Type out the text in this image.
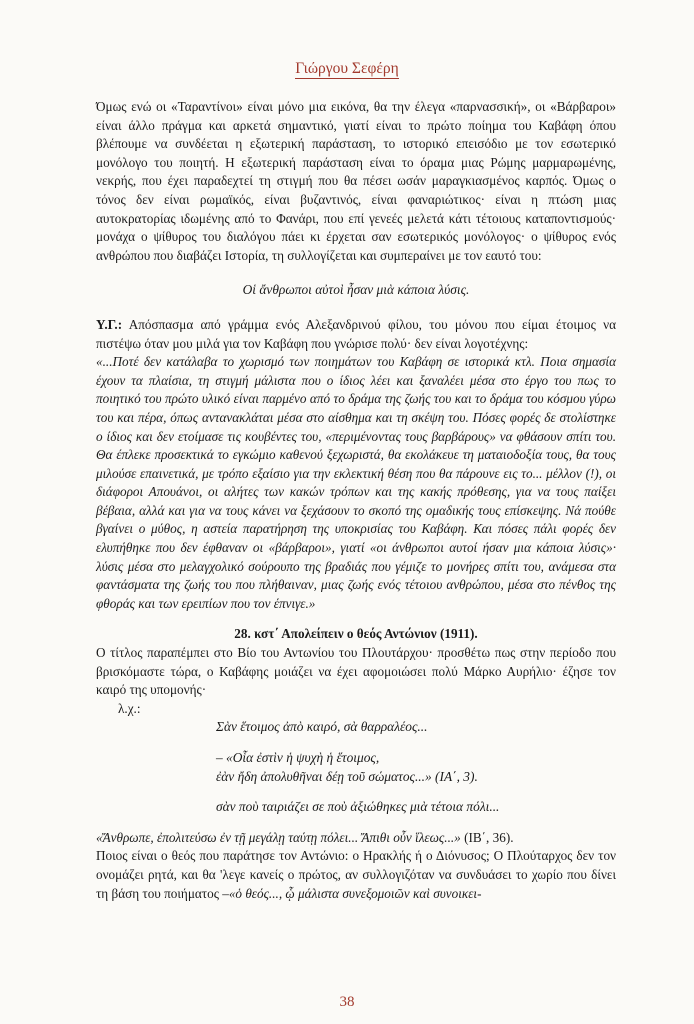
Γιώργου Σεφέρη

Όμως ενώ οι «Ταραντίνοι» είναι μόνο μια εικόνα, θα την έλεγα «παρνασσική», οι «Βάρβαροι» είναι άλλο πράγμα και αρκετά σημαντικό, γιατί είναι το πρώτο ποίημα του Καβάφη όπου βλέπουμε να συνδέεται η εξωτερική παράσταση, το ιστορικό επεισόδιο με τον εσωτερικό μονόλογο του ποιητή. Η εξωτερική παράσταση είναι το όραμα μιας Ρώμης μαρμαρωμένης, νεκρής, που έχει παραδεχτεί τη στιγμή που θα πέσει ωσάν μαραγκιασμένος καρπός. Όμως ο τόνος δεν είναι ρωμαϊκός, είναι βυζαντινός, είναι φαναριώτικος· είναι η πτώση μιας αυτοκρατορίας ιδωμένης από το Φανάρι, που επί γενεές μελετά κάτι τέτοιους καταποντισμούς· μονάχα ο ψίθυρος του διαλόγου πάει κι έρχεται σαν εσωτερικός μονόλογος· ο ψίθυρος ενός ανθρώπου που διαβάζει Ιστορία, τη συλλογίζεται και συμπεραίνει με τον εαυτό του:

Οἱ ἄνθρωποι αὐτοὶ ἦσαν μιὰ κάποια λύσις.

Υ.Γ.: Απόσπασμα από γράμμα ενός Αλεξανδρινού φίλου, του μόνου που είμαι έτοιμος να πιστέψω όταν μου μιλά για τον Καβάφη που γνώρισε πολύ· δεν είναι λογοτέχνης:

«...Ποτέ δεν κατάλαβα το χωρισμό των ποιημάτων του Καβάφη σε ιστορικά κτλ. Ποια σημασία έχουν τα πλαίσια, τη στιγμή μάλιστα που ο ίδιος λέει και ξαναλέει μέσα στο έργο του πως το ποιητικό του πρώτο υλικό είναι παρμένο από το δράμα της ζωής του και το δράμα του κόσμου γύρω του και πέρα, όπως αντανακλάται μέσα στο αίσθημα και τη σκέψη του. Πόσες φορές δε στολίστηκε ο ίδιος και δεν ετοίμασε τις κουβέντες του, «περιμένοντας τους βαρβάρους» να φθάσουν σπίτι του. Θα έπλεκε προσεκτικά το εγκώμιο καθενού ξεχωριστά, θα εκολάκευε τη ματαιοδοξία τους, θα τους μιλούσε επαινετικά, με τρόπο εξαίσιο για την εκλεκτική θέση που θα πάρουνε εις το... μέλλον (!), οι διάφοροι Απουάνοι, οι αλήτες των κακών τρόπων και της κακής πρόθεσης, για να τους παίξει βέβαια, αλλά και για να τους κάνει να ξεχάσουν το σκοπό της ομαδικής τους επίσκεψης. Νά πούθε βγαίνει ο μύθος, η αστεία παρατήρηση της υποκρισίας του Καβάφη. Και πόσες πάλι φορές δεν ελυπήθηκε που δεν έφθαναν οι «βάρβαροι», γιατί «οι άνθρωποι αυτοί ήσαν μια κάποια λύσις»· λύσις μέσα στο μελαγχολικό σούρουπο της βραδιάς που γέμιζε το μονήρες σπίτι του, ανάμεσα στα φαντάσματα της ζωής του που πλήθαιναν, μιας ζωής ενός τέτοιου ανθρώπου, μέσα στο πένθος της φθοράς και των ερειπίων που τον έπνιγε.»

28. κστ΄ Απολείπειν ο θεός Αντώνιον (1911).

Ο τίτλος παραπέμπει στο Βίο του Αντωνίου του Πλουτάρχου· προσθέτω πως στην περίοδο που βρισκόμαστε τώρα, ο Καβάφης μοιάζει να έχει αφομοιώσει πολύ Μάρκο Αυρήλιο· έζησε τον καιρό της υπομονής·

λ.χ.:

Σὰν ἕτοιμος ἀπὸ καιρό, σὰ θαρραλέος...

– «Οἷα ἐστὶν ἡ ψυχὴ ἡ ἕτοιμος,

ἐὰν ἤδη ἀπολυθῆναι δέῃ τοῦ σώματος...» (ΙΑ΄, 3).

σὰν ποὺ ταιριάζει σε ποὺ ἀξιώθηκες μιὰ τέτοια πόλι...

«Ἄνθρωπε, ἐπολιτεύσω ἐν τῇ μεγάλῃ ταύτῃ πόλει... Ἄπιθι οὖν ἵλεως...» (ΙΒ΄, 36).

Ποιος είναι ο θεός που παράτησε τον Αντώνιο: ο Ηρακλής ή ο Διόνυσος; Ο Πλούταρχος δεν τον ονομάζει ρητά, και θα 'λεγε κανείς ο πρώτος, αν συλλογιζόταν να συνδυάσει το χωρίο που δίνει τη βάση του ποιήματος –«ὁ θεός..., ᾧ μάλιστα συνεξομοιῶν καὶ συνοικει-

38
